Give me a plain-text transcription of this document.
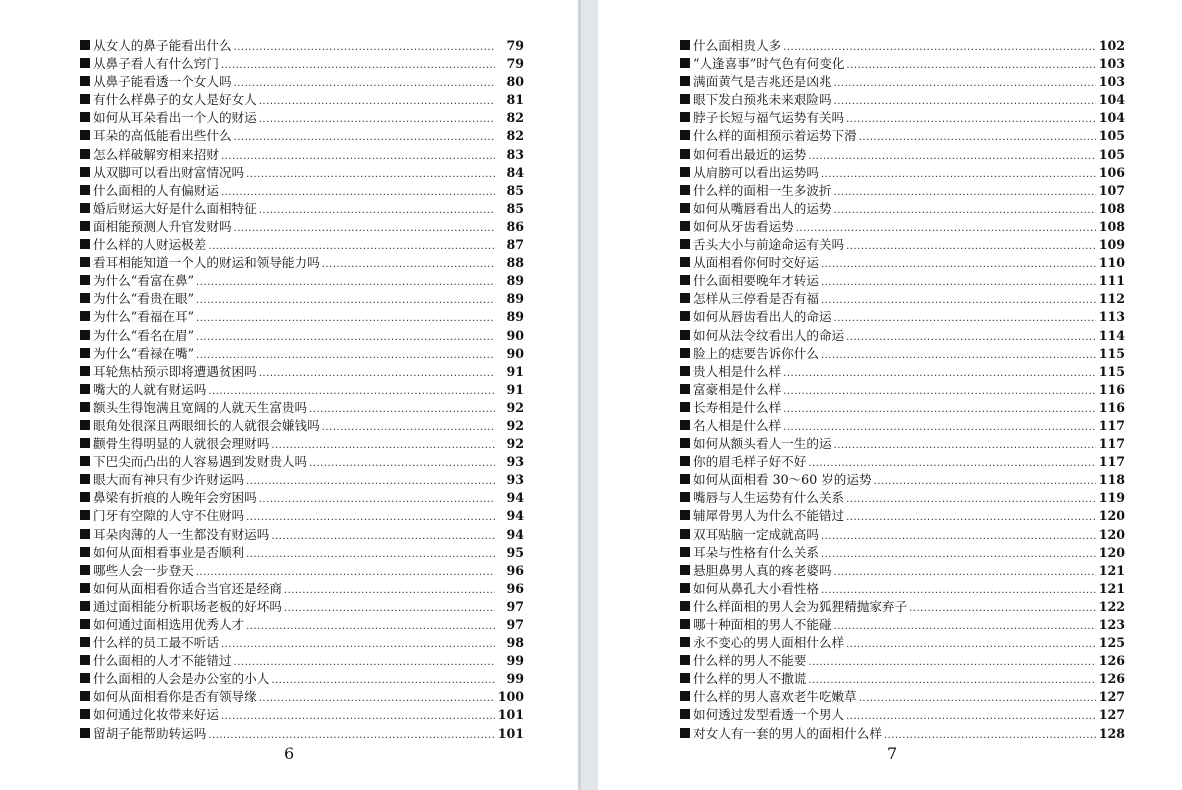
从女人的鼻子能看出什么 .....	79
从鼻子看人有什么窍门 .....	79
从鼻子能看透一个女人吗 .....	80
有什么样鼻子的女人是好女人 .....	81
如何从耳朵看出一个人的财运 .....	82
耳朵的高低能看出些什么 .....	82
怎么样破解穷相来招财 .....	83
从双脚可以看出财富情况吗 .....	84
什么面相的人有偏财运 .....	85
婚后财运大好是什么面相特征 .....	85
面相能预测人升官发财吗 .....	86
什么样的人财运极差 .....	87
看耳相能知道一个人的财运和领导能力吗 .....	88
为什么“看富在鼻” .....	89
为什么“看贵在眼” .....	89
为什么“看福在耳” .....	89
为什么“看名在眉” .....	90
为什么“看禄在嘴” .....	90
耳轮焦枯预示即将遭遇贫困吗 .....	91
嘴大的人就有财运吗 .....	91
额头生得饱满且宽阔的人就天生富贵吗 .....	92
眼角处很深且两眼细长的人就很会嫌钱吗 .....	92
颧骨生得明显的人就很会理财吗 .....	92
下巴尖而凸出的人容易遇到发财贵人吗 .....	93
眼大而有神只有少许财运吗 .....	93
鼻梁有折痕的人晚年会穷困吗 .....	94
门牙有空隙的人守不住财吗 .....	94
耳朵肉薄的人一生都没有财运吗 .....	94
如何从面相看事业是否顺利 .....	95
哪些人会一步登天 .....	96
如何从面相看你适合当官还是经商 .....	96
通过面相能分析职场老板的好坏吗 .....	97
如何通过面相选用优秀人才 .....	97
什么样的员工最不听话 .....	98
什么面相的人才不能错过 .....	99
什么面相的人会是办公室的小人 .....	99
如何从面相看你是否有领导缘 .....	100
如何通过化妆带来好运 .....	101
留胡子能帮助转运吗 .....	101
6
什么面相贵人多 .....	102
“人逢喜事”时气色有何变化 .....	103
满面黄气是吉兆还是凶兆 .....	103
眼下发白预兆未来艰险吗 .....	104
脖子长短与福气运势有关吗 .....	104
什么样的面相预示着运势下滑 .....	105
如何看出最近的运势 .....	105
从肩膀可以看出运势吗 .....	106
什么样的面相一生多波折 .....	107
如何从嘴唇看出人的运势 .....	108
如何从牙齿看运势 .....	108
舌头大小与前途命运有关吗 .....	109
从面相看你何时交好运 .....	110
什么面相要晚年才转运 .....	111
怎样从三停看是否有福 .....	112
如何从唇齿看出人的命运 .....	113
如何从法令纹看出人的命运 .....	114
脸上的痣要告诉你什么 .....	115
贵人相是什么样 .....	115
富豪相是什么样 .....	116
长寿相是什么样 .....	116
名人相是什么样 .....	117
如何从额头看人一生的运 .....	117
你的眉毛样子好不好 .....	117
如何从面相看 30～60 岁的运势 .....	118
嘴唇与人生运势有什么关系 .....	119
辅犀骨男人为什么不能错过 .....	120
双耳贴脑一定成就高吗 .....	120
耳朵与性格有什么关系 .....	120
悬胆鼻男人真的疼老婆吗 .....	121
如何从鼻孔大小看性格 .....	121
什么样面相的男人会为狐狸精抛家弃子 .....	122
哪十种面相的男人不能碰 .....	123
永不变心的男人面相什么样 .....	125
什么样的男人不能要 .....	126
什么样的男人不撒谎 .....	126
什么样的男人喜欢老牛吃嫩草 .....	127
如何透过发型看透一个男人 .....	127
对女人有一套的男人的面相什么样 .....	128
7
